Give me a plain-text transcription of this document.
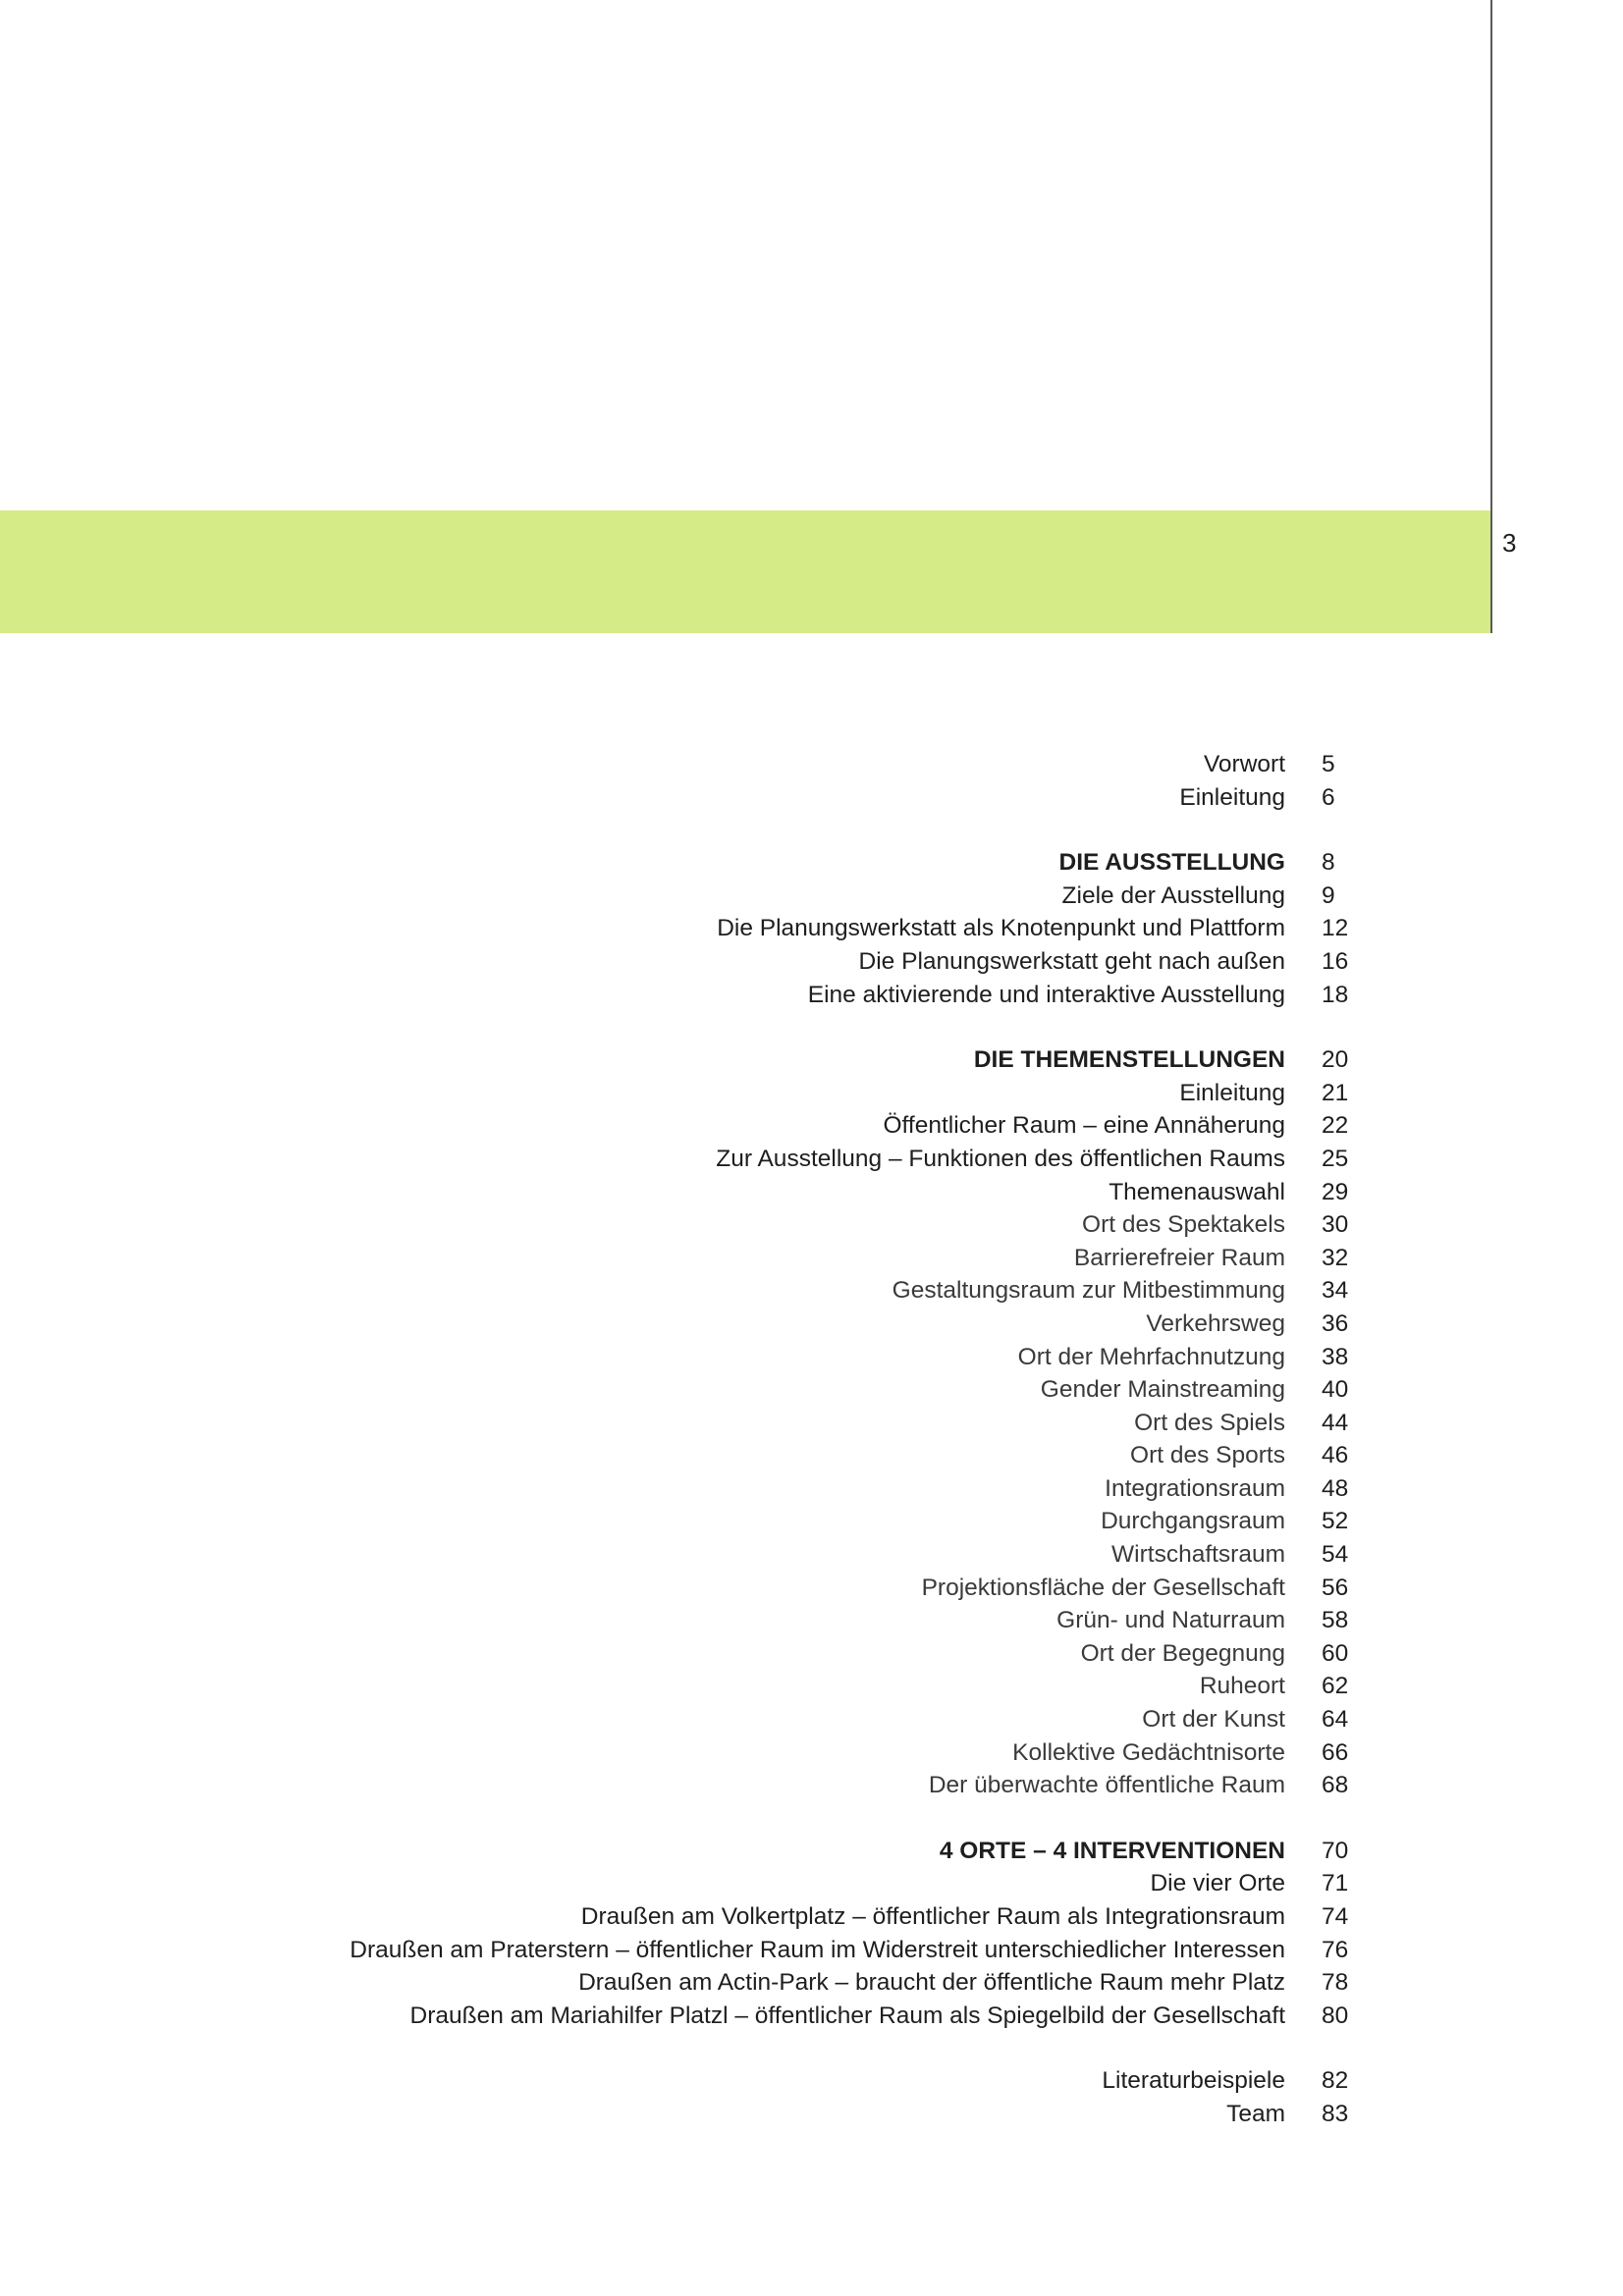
3
Vorwort 5
Einleitung 6
DIE AUSSTELLUNG 8
Ziele der Ausstellung 9
Die Planungswerkstatt als Knotenpunkt und Plattform 12
Die Planungswerkstatt geht nach außen 16
Eine aktivierende und interaktive Ausstellung 18
DIE THEMENSTELLUNGEN 20
Einleitung 21
Öffentlicher Raum – eine Annäherung 22
Zur Ausstellung – Funktionen des öffentlichen Raums 25
Themenauswahl 29
Ort des Spektakels 30
Barrierefreier Raum 32
Gestaltungsraum zur Mitbestimmung 34
Verkehrsweg 36
Ort der Mehrfachnutzung 38
Gender Mainstreaming 40
Ort des Spiels 44
Ort des Sports 46
Integrationsraum 48
Durchgangsraum 52
Wirtschaftsraum 54
Projektionsfläche der Gesellschaft 56
Grün- und Naturraum 58
Ort der Begegnung 60
Ruheort 62
Ort der Kunst 64
Kollektive Gedächtnisorte 66
Der überwachte öffentliche Raum 68
4 ORTE – 4 INTERVENTIONEN 70
Die vier Orte 71
Draußen am Volkertplatz – öffentlicher Raum als Integrationsraum 74
Draußen am Praterstern – öffentlicher Raum im Widerstreit unterschiedlicher Interessen 76
Draußen am Actin-Park – braucht der öffentliche Raum mehr Platz 78
Draußen am Mariahilfer Platzl – öffentlicher Raum als Spiegelbild der Gesellschaft 80
Literaturbeispiele 82
Team 83
